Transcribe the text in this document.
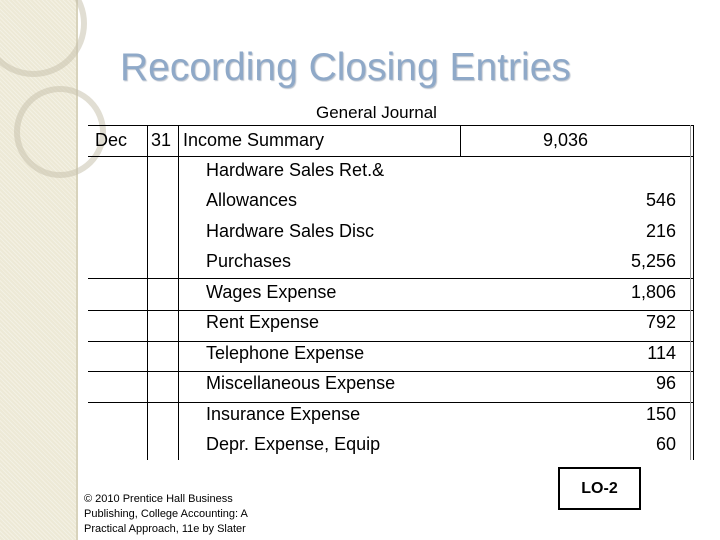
Recording Closing Entries
General Journal
Dec 31 Income Summary	9,036
Hardware Sales Ret.&
Allowances	546
Hardware Sales Disc	216
Purchases	5,256
Wages Expense	1,806
Rent Expense	792
Telephone Expense	114
Miscellaneous Expense	96
Insurance Expense	150
Depr. Expense, Equip	60
© 2010 Prentice Hall Business Publishing, College Accounting: A Practical Approach, 11e by Slater
LO-2
